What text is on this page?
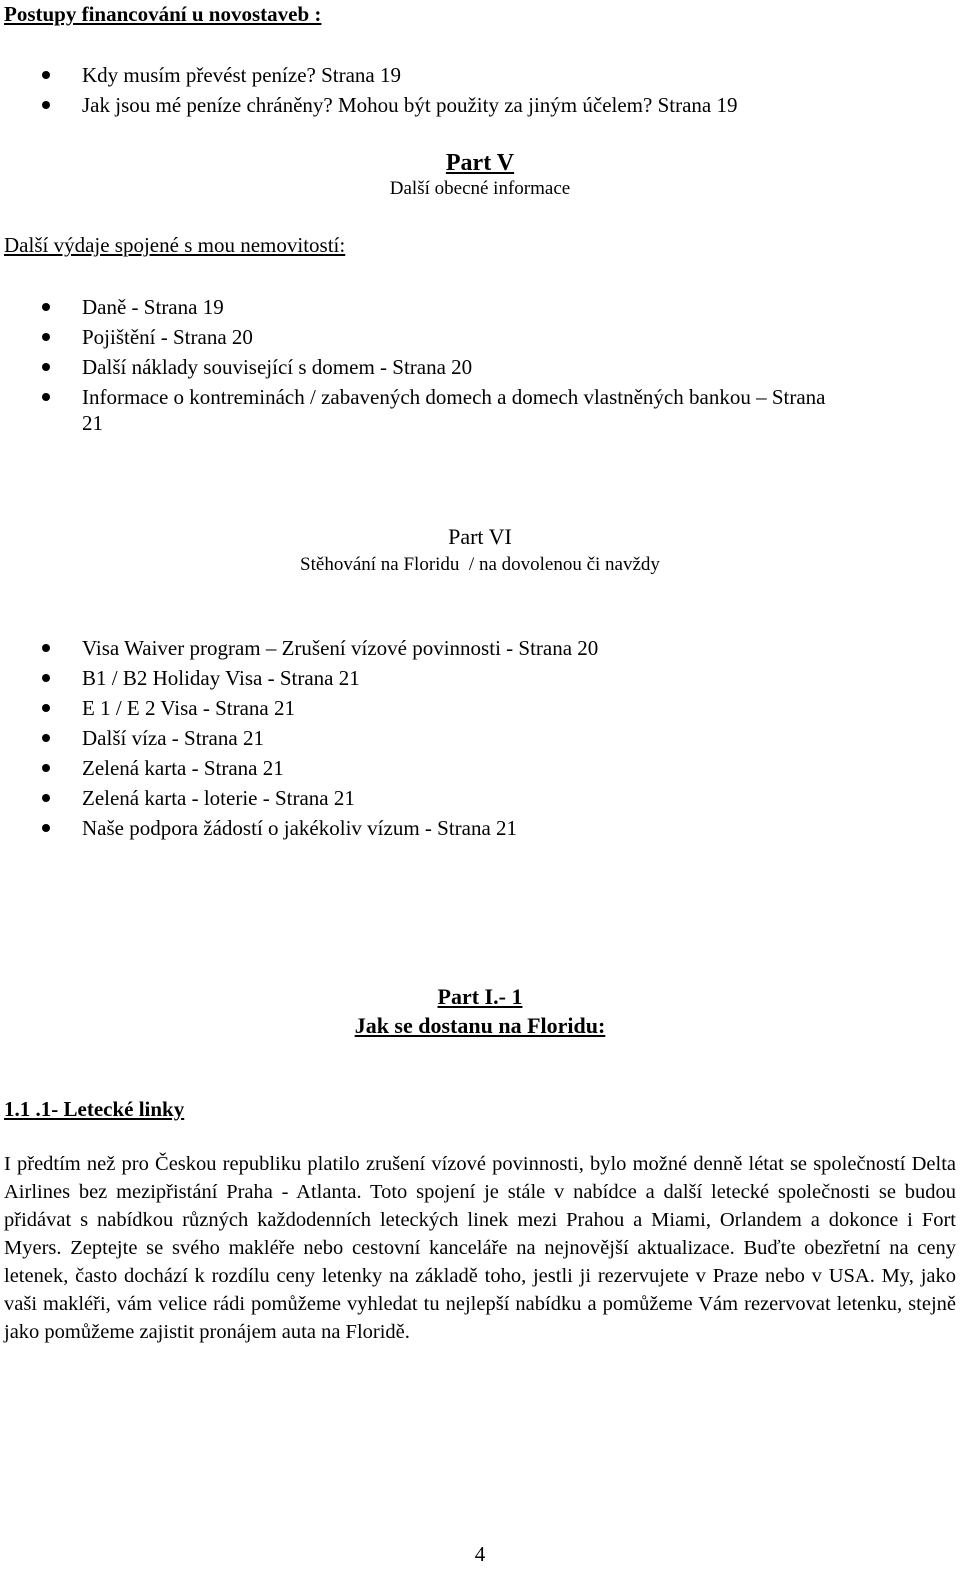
Postupy financování u novostaveb :
Kdy musím převést peníze? Strana 19
Jak jsou mé peníze chráněny? Mohou být použity za jiným účelem? Strana 19
Part V
Další obecné informace
Další výdaje spojené s mou nemovitostí:
Daně - Strana 19
Pojištění - Strana 20
Další náklady související s domem - Strana 20
Informace o kontreminách / zabavených domech a domech vlastněných bankou – Strana
21
Part VI
Stěhování na Floridu  / na dovolenou či navždy
Visa Waiver program – Zrušení vízové povinnosti - Strana 20
B1 / B2 Holiday Visa - Strana 21
E 1 / E 2 Visa - Strana 21
Další víza - Strana 21
Zelená karta - Strana 21
Zelená karta - loterie - Strana 21
Naše podpora žádostí o jakékoliv vízum - Strana 21
Part I.- 1
Jak se dostanu na Floridu:
1.1 .1- Letecké linky

I předtím než pro Českou republiku platilo zrušení vízové povinnosti, bylo možné denně létat se společností Delta Airlines bez mezipřistání Praha - Atlanta. Toto spojení je stále v nabídce a další letecké společnosti se budou přidávat s nabídkou různých každodenních leteckých linek mezi Prahou a Miami, Orlandem a dokonce i Fort Myers. Zeptejte se svého makléře nebo cestovní kanceláře na nejnovější aktualizace. Buďte obezřetní na ceny letenek, často dochází k rozdílu ceny letenky na základě toho, jestli ji rezervujete v Praze nebo v USA. My, jako vaši makléři, vám velice rádi pomůžeme vyhledat tu nejlepší nabídku a pomůžeme Vám rezervovat letenku, stejně jako pomůžeme zajistit pronájem auta na Floridě.

4
